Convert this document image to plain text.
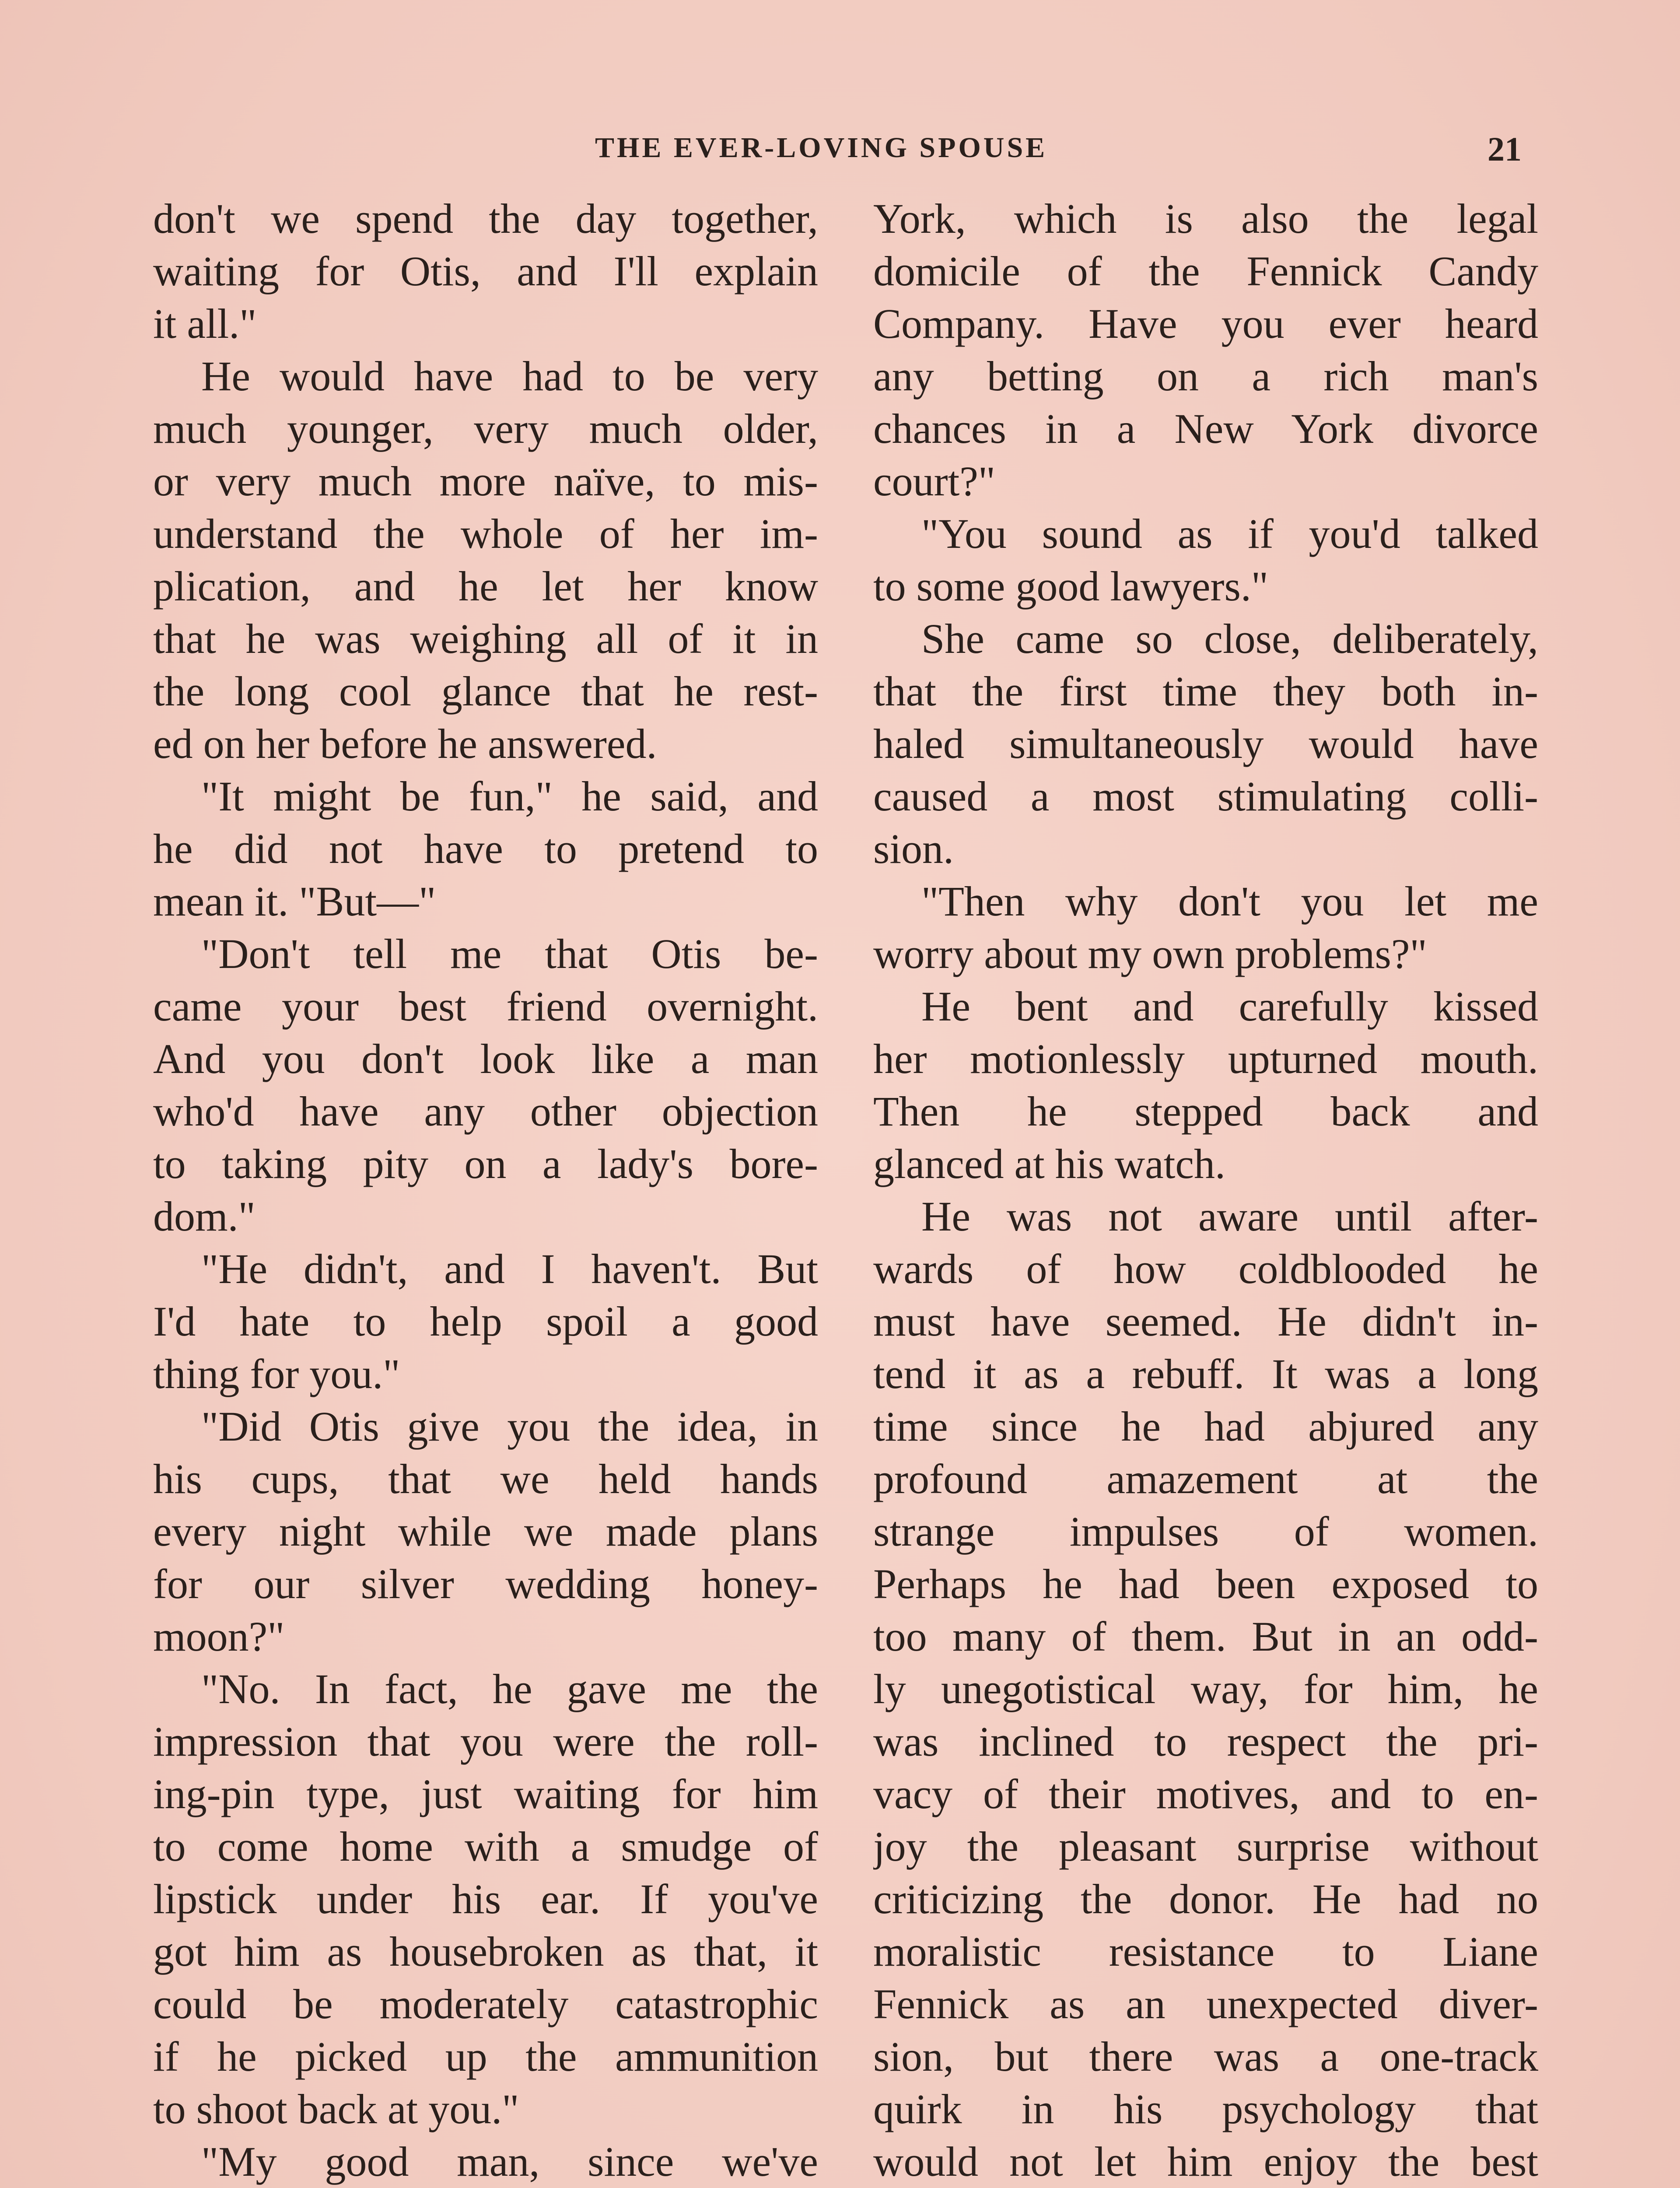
THE EVER-LOVING SPOUSE	21
don't we spend the day together,
waiting for Otis, and I'll explain
it all."
He would have had to be very
much younger, very much older,
or very much more naïve, to mis-
understand the whole of her im-
plication, and he let her know
that he was weighing all of it in
the long cool glance that he rest-
ed on her before he answered.
"It might be fun," he said, and
he did not have to pretend to
mean it. "But—"
"Don't tell me that Otis be-
came your best friend overnight.
And you don't look like a man
who'd have any other objection
to taking pity on a lady's bore-
dom."
"He didn't, and I haven't. But
I'd hate to help spoil a good
thing for you."
"Did Otis give you the idea, in
his cups, that we held hands
every night while we made plans
for our silver wedding honey-
moon?"
"No. In fact, he gave me the
impression that you were the roll-
ing-pin type, just waiting for him
to come home with a smudge of
lipstick under his ear. If you've
got him as housebroken as that, it
could be moderately catastrophic
if he picked up the ammunition
to shoot back at you."
"My good man, since we've
York, which is also the legal
domicile of the Fennick Candy
Company. Have you ever heard
any betting on a rich man's
chances in a New York divorce
court?"
"You sound as if you'd talked
to some good lawyers."
She came so close, deliberately,
that the first time they both in-
haled simultaneously would have
caused a most stimulating colli-
sion.
"Then why don't you let me
worry about my own problems?"
He bent and carefully kissed
her motionlessly upturned mouth.
Then he stepped back and
glanced at his watch.
He was not aware until after-
wards of how coldblooded he
must have seemed. He didn't in-
tend it as a rebuff. It was a long
time since he had abjured any
profound amazement at the
strange impulses of women.
Perhaps he had been exposed to
too many of them. But in an odd-
ly unegotistical way, for him, he
was inclined to respect the pri-
vacy of their motives, and to en-
joy the pleasant surprise without
criticizing the donor. He had no
moralistic resistance to Liane
Fennick as an unexpected diver-
sion, but there was a one-track
quirk in his psychology that
would not let him enjoy the best
